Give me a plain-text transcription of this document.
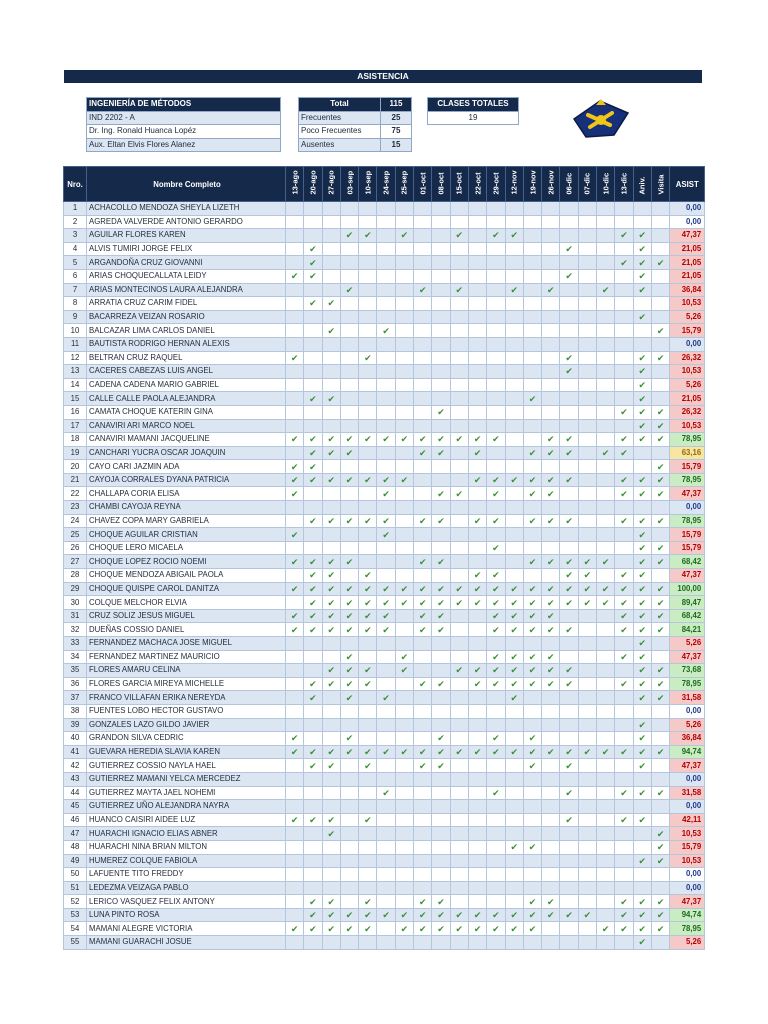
ASISTENCIA
INGENIERÍA DE MÉTODOS
IND 2202 - A
Dr. Ing. Ronald Huanca Lopéz
Aux. Eltan Elvis Flores Alanez
Total	115
Frecuentes	25
Poco Frecuentes	75
Ausentes	15
CLASES TOTALES
19
Nro.	Nombre Completo	13-ago	20-ago	27-ago	03-sep	10-sep	24-sep	25-sep	01-oct	08-oct	15-oct	22-oct	29-oct	12-nov	19-nov	26-nov	06-dic	07-dic	10-dic	13-dic	Aniv.	Visita	ASIST
1	ACHACOLLO MENDOZA SHEYLA LIZETH																						0,00
2	AGREDA VALVERDE ANTONIO GERARDO																						0,00
3	AGUILAR FLORES KAREN				✔	✔		✔			✔		✔	✔						✔	✔		47,37
4	ALVIS TUMIRI JORGE FELIX		✔														✔				✔		21,05
5	ARGANDOÑA CRUZ GIOVANNI		✔																	✔	✔	✔	21,05
6	ARIAS CHOQUECALLATA LEIDY	✔	✔														✔				✔		21,05
7	ARIAS MONTECINOS LAURA ALEJANDRA				✔				✔		✔			✔		✔			✔		✔		36,84
8	ARRATIA CRUZ CARIM FIDEL		✔	✔																			10,53
9	BACARREZA VEIZAN ROSARIO																				✔		5,26
10	BALCAZAR LIMA CARLOS DANIEL			✔			✔															✔	15,79
11	BAUTISTA RODRIGO HERNAN ALEXIS																						0,00
12	BELTRAN CRUZ RAQUEL	✔				✔											✔				✔	✔	26,32
13	CACERES CABEZAS LUIS ANGEL																✔				✔		10,53
14	CADENA CADENA MARIO GABRIEL																				✔		5,26
15	CALLE CALLE PAOLA ALEJANDRA		✔	✔											✔						✔		21,05
16	CAMATA CHOQUE KATERIN GINA									✔										✔	✔	✔	26,32
17	CANAVIRI ARI MARCO NOEL																				✔	✔	10,53
18	CANAVIRI MAMANI JACQUELINE	✔	✔	✔	✔	✔	✔	✔	✔	✔	✔	✔	✔			✔	✔			✔	✔	✔	78,95
19	CANCHARI YUCRA OSCAR JOAQUIN		✔	✔	✔				✔	✔		✔			✔	✔	✔		✔	✔			63,16
20	CAYO CARI JAZMIN ADA	✔	✔																			✔	15,79
21	CAYOJA CORRALES DYANA PATRICIA	✔	✔	✔	✔	✔	✔	✔				✔	✔	✔	✔	✔	✔			✔	✔	✔	78,95
22	CHALLAPA CORIA ELISA	✔					✔			✔	✔		✔		✔	✔				✔	✔	✔	47,37
23	CHAMBI CAYOJA REYNA																						0,00
24	CHAVEZ COPA MARY GABRIELA		✔	✔	✔	✔	✔		✔	✔		✔	✔		✔	✔	✔			✔	✔	✔	78,95
25	CHOQUE AGUILAR CRISTIAN	✔					✔														✔		15,79
26	CHOQUE LERO MICAELA												✔								✔	✔	15,79
27	CHOQUE LOPEZ ROCIO NOEMI	✔	✔	✔	✔				✔	✔					✔	✔	✔	✔	✔		✔	✔	68,42
28	CHOQUE MENDOZA ABIGAIL PAOLA		✔	✔		✔						✔	✔				✔	✔		✔	✔		47,37
29	CHOQUE QUISPE CAROL DANITZA	✔	✔	✔	✔	✔	✔	✔	✔	✔	✔	✔	✔	✔	✔	✔	✔	✔	✔	✔	✔	✔	100,00
30	COLQUE MELCHOR ELVIA		✔	✔	✔	✔	✔	✔	✔	✔	✔	✔	✔	✔	✔	✔	✔	✔	✔	✔	✔	✔	89,47
31	CRUZ SOLIZ JESUS MIGUEL	✔	✔	✔	✔	✔	✔		✔	✔			✔	✔	✔	✔				✔	✔	✔	68,42
32	DUEÑAS COSSIO DANIEL	✔	✔	✔	✔	✔	✔		✔	✔			✔	✔	✔	✔	✔			✔	✔	✔	84,21
33	FERNANDEZ MACHACA JOSE MIGUEL																				✔		5,26
34	FERNANDEZ MARTINEZ MAURICIO				✔			✔					✔	✔	✔	✔				✔	✔		47,37
35	FLORES AMARU CELINA			✔	✔	✔		✔			✔	✔	✔	✔	✔	✔	✔				✔	✔	73,68
36	FLORES GARCIA MIREYA MICHELLE		✔	✔	✔	✔			✔	✔		✔	✔	✔	✔	✔	✔			✔	✔	✔	78,95
37	FRANCO VILLAFAN ERIKA NEREYDA		✔		✔		✔							✔							✔	✔	31,58
38	FUENTES LOBO HECTOR GUSTAVO																						0,00
39	GONZALES LAZO GILDO JAVIER																				✔		5,26
40	GRANDON SILVA CEDRIC	✔			✔					✔			✔		✔						✔		36,84
41	GUEVARA HEREDIA SLAVIA KAREN	✔	✔	✔	✔	✔	✔	✔	✔	✔	✔	✔	✔	✔	✔	✔	✔	✔	✔	✔	✔	✔	94,74
42	GUTIERREZ COSSIO NAYLA HAEL		✔	✔		✔			✔	✔					✔		✔				✔		47,37
43	GUTIERREZ MAMANI YELCA MERCEDEZ																						0,00
44	GUTIERREZ MAYTA JAEL NOHEMI						✔						✔				✔			✔	✔	✔	31,58
45	GUTIERREZ UÑO ALEJANDRA NAYRA																						0,00
46	HUANCO CAISIRI AIDEE LUZ	✔	✔	✔		✔											✔			✔	✔		42,11
47	HUARACHI IGNACIO ELIAS ABNER			✔																		✔	10,53
48	HUARACHI NINA BRIAN MILTON													✔	✔							✔	15,79
49	HUMEREZ COLQUE FABIOLA																				✔	✔	10,53
50	LAFUENTE TITO FREDDY																						0,00
51	LEDEZMA VEIZAGA PABLO																						0,00
52	LERICO VASQUEZ FELIX ANTONY		✔	✔		✔			✔	✔					✔	✔				✔	✔	✔	47,37
53	LUNA PINTO ROSA		✔	✔	✔	✔	✔	✔	✔	✔	✔	✔	✔	✔	✔	✔	✔	✔		✔	✔	✔	94,74
54	MAMANI ALEGRE VICTORIA	✔	✔	✔	✔	✔		✔	✔	✔	✔	✔	✔	✔	✔				✔	✔	✔	✔	78,95
55	MAMANI GUARACHI JOSUE																				✔		5,26
